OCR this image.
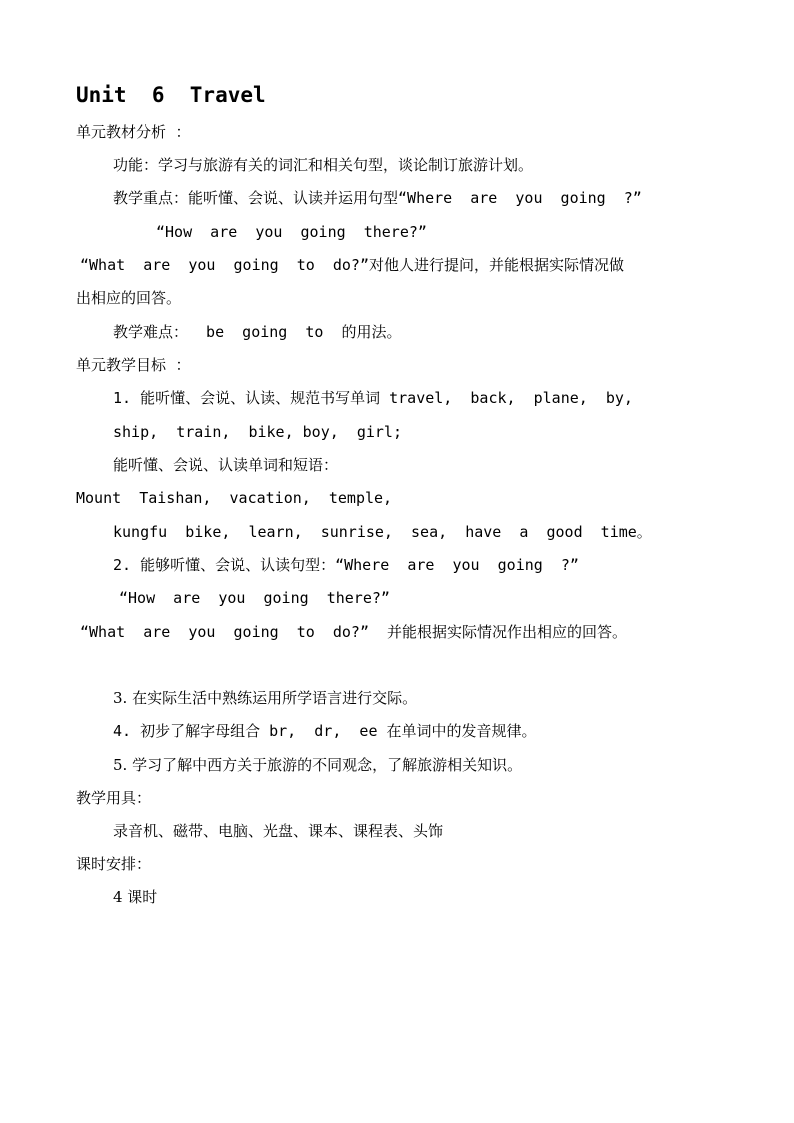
Unit  6  Travel
单元教材分析  ：
功能：学习与旅游有关的词汇和相关句型，谈论制订旅游计划。
教学重点：能听懂、会说、认读并运用句型“Where  are  you  going  ?”
“How  are  you  going  there?”
“What  are  you  going  to  do?”对他人进行提问，并能根据实际情况做
出相应的回答。
教学难点：  be  going  to  的用法。
单元教学目标  ：
1. 能听懂、会说、认读、规范书写单词 travel,  back,  plane,  by,
ship,  train,  bike, boy,  girl;
能听懂、会说、认读单词和短语：
Mount  Taishan,  vacation,  temple,
kungfu  bike,  learn,  sunrise,  sea,  have  a  good  time。
2. 能够听懂、会说、认读句型：“Where  are  you  going  ?”
“How  are  you  going  there?”
“What  are  you  going  to  do?”  并能根据实际情况作出相应的回答。
3. 在实际生活中熟练运用所学语言进行交际。
4. 初步了解字母组合 br,  dr,  ee 在单词中的发音规律。
5. 学习了解中西方关于旅游的不同观念，了解旅游相关知识。
教学用具：
录音机、磁带、电脑、光盘、课本、课程表、头饰
课时安排：
4 课时
